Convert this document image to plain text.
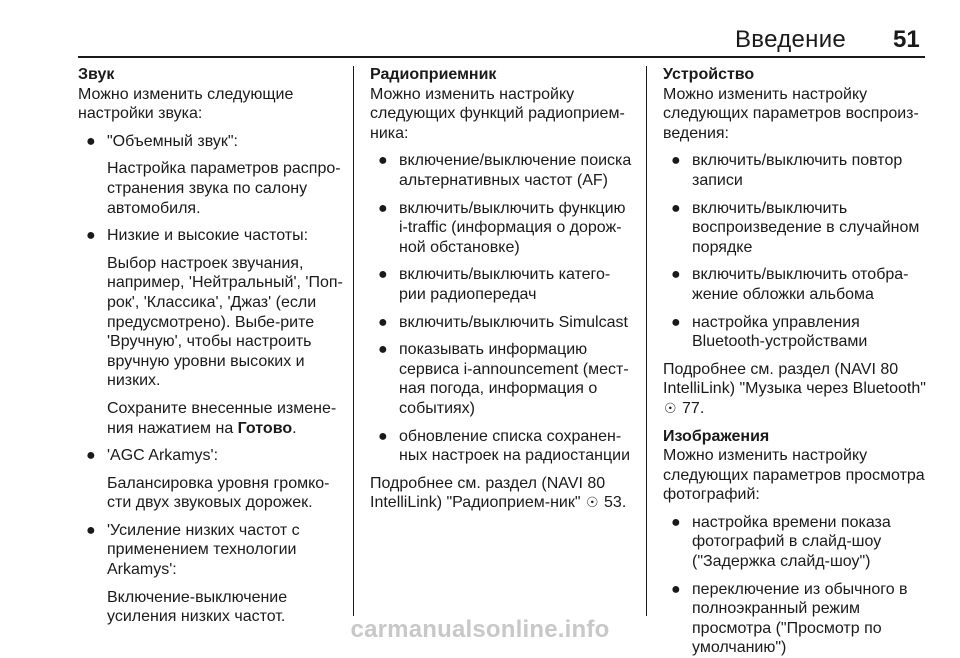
Введение 51
Звук
Можно изменить следующие настройки звука:
● "Объемный звук":
Настройка параметров распро-странения звука по салону автомобиля.
● Низкие и высокие частоты:
Выбор настроек звучания, например, 'Нейтральный', 'Поп-рок', 'Классика', 'Джаз' (если предусмотрено). Выбе-рите 'Вручную', чтобы настроить вручную уровни высоких и низких.
Сохраните внесенные измене-ния нажатием на Готово.
● 'AGC Arkamys':
Балансировка уровня громко-сти двух звуковых дорожек.
● 'Усиление низких частот с применением технологии Arkamys':
Включение-выключение усиления низких частот.
Радиоприемник
Можно изменить настройку следующих функций радиоприем-ника:
● включение/выключение поиска альтернативных частот (AF)
● включить/выключить функцию i-traffic (информация о дорож-ной обстановке)
● включить/выключить катего-рии радиопередач
● включить/выключить Simulcast
● показывать информацию сервиса i-announcement (мест-ная погода, информация о событиях)
● обновление списка сохранен-ных настроек на радиостанции
Подробнее см. раздел (NAVI 80 IntelliLink) "Радиоприем-ник" ☉ 53.
Устройство
Можно изменить настройку следующих параметров воспроиз-ведения:
● включить/выключить повтор записи
● включить/выключить воспроизведение в случайном порядке
● включить/выключить отобра-жение обложки альбома
● настройка управления Bluetooth-устройствами
Подробнее см. раздел (NAVI 80 IntelliLink) "Музыка через Bluetooth" ☉ 77.
Изображения
Можно изменить настройку следующих параметров просмотра фотографий:
● настройка времени показа фотографий в слайд-шоу ("Задержка слайд-шоу")
● переключение из обычного в полноэкранный режим просмотра ("Просмотр по умолчанию")
carmanualsonline.info
